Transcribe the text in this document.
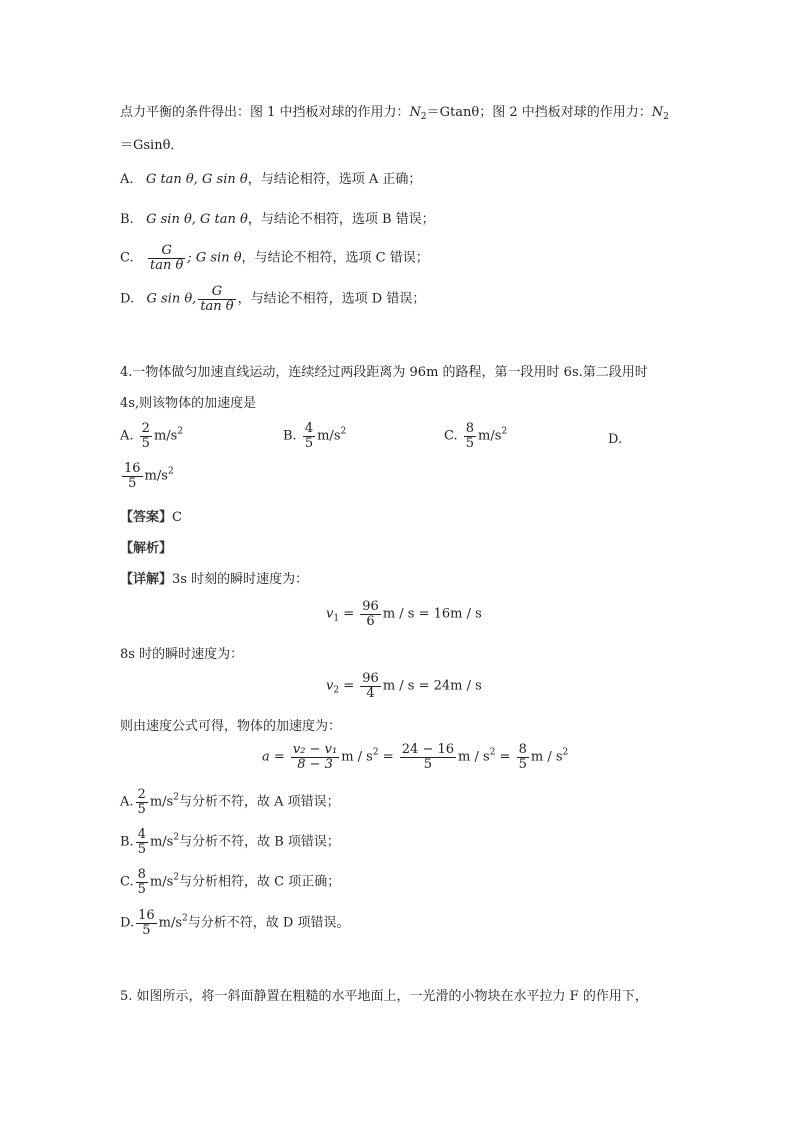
点力平衡的条件得出：图 1 中挡板对球的作用力：$N_2=Gtan\theta$；图 2 中挡板对球的作用力：$N_2$
＝Gsinθ．
A. G tan θ, G sin θ，与结论相符，选项 A 正确；
B. G sin θ, G tan θ，与结论不相符，选项 B 错误；
C. $\frac{G}{\text{tan θ}}$ ; G sin θ，与结论不相符，选项 C 错误；
D. G sin θ, $\frac{G}{\text{tan θ}}$ ，与结论不相符，选项 D 错误；
4.一物体做匀加速直线运动，连续经过两段距离为 96m 的路程，第一段用时 6s.第二段用时
4s,则该物体的加速度是
A. $\frac{2}{5} m/s^2$	B. $\frac{4}{5} m/s^2$	C. $\frac{8}{5} m/s^2$
D.
$\frac{16}{5} m/s^2$
【答案】C
【解析】
【详解】3s 时刻的瞬时速度为：
$v_1 = \frac{96}{6}$ m / s = 16m / s
8s 时的瞬时速度为：
$v_2 = \frac{96}{4}$ m / s = 24m / s
则由速度公式可得，物体的加速度为：
$a = \frac{\text{v₂ − v₁}}{8 - 3}$ $m / s^2 = \frac{24 - 16}{5}$ $m / s^2 = \frac{8}{5}$ m / $s^2$
A. $\frac{2}{5} m/s^2$与分析不符，故 A 项错误；
B. $\frac{4}{5} m/s^2$与分析不符，故 B 项错误；
C. $\frac{8}{5} m/s^2$与分析相符，故 C 项正确；
D. $\frac{16}{5} m/s^2$与分析不符，故 D 项错误。
5. 如图所示，将一斜面静置在粗糙的水平地面上，一光滑的小物块在水平拉力 F 的作用下，
